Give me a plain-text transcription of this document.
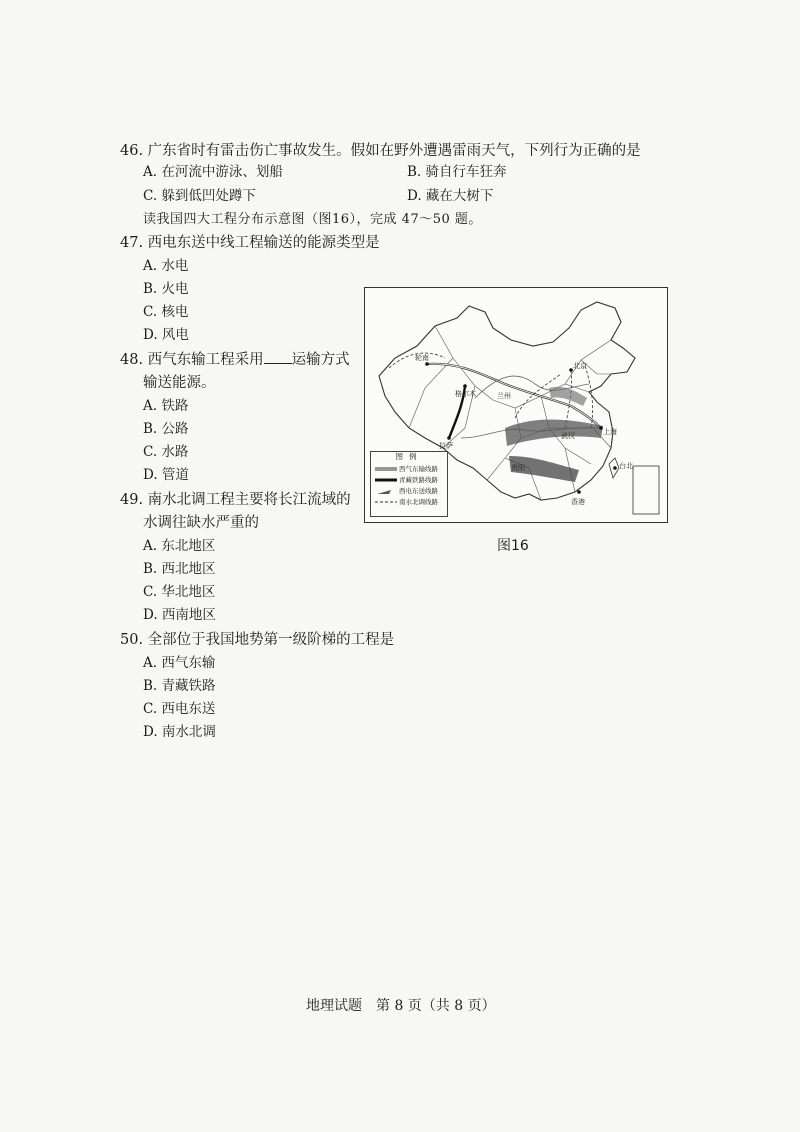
46. 广东省时有雷击伤亡事故发生。假如在野外遭遇雷雨天气，下列行为正确的是
A. 在河流中游泳、划船	B. 骑自行车狂奔
C. 躲到低凹处蹲下	D. 藏在大树下
读我国四大工程分布示意图（图16），完成 47～50 题。
47. 西电东送中线工程输送的能源类型是
A. 水电
B. 火电
C. 核电
D. 风电
48. 西气东输工程采用 运输方式
输送能源。
A. 铁路
B. 公路
C. 水路
D. 管道
49. 南水北调工程主要将长江流域的
水调往缺水严重的
A. 东北地区
B. 西北地区
C. 华北地区
D. 西南地区
50. 全部位于我国地势第一级阶梯的工程是
A. 西气东输
B. 青藏铁路
C. 西电东送
D. 南水北调
轮南
格尔木
拉萨
北京
上海
台北
香港
兰州
武汉
贵阳
图例
西气东输线路
青藏铁路线路
西电东送线路
南水北调线路
图16
地理试题　第 8 页（共 8 页）
